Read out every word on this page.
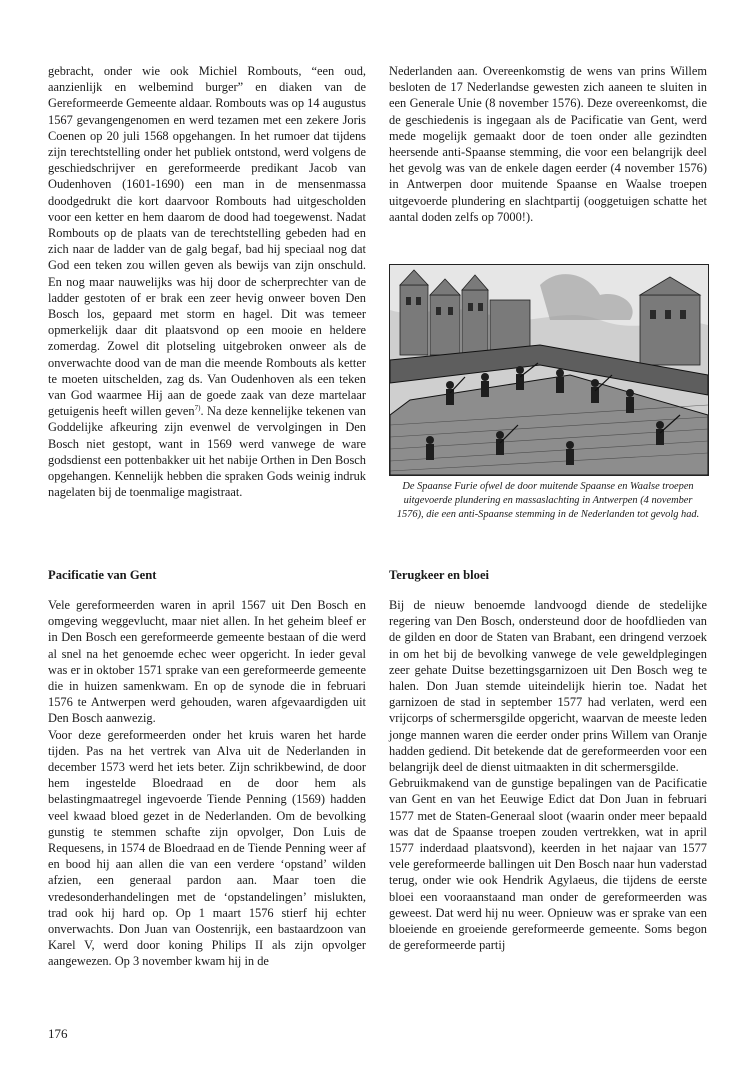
gebracht, onder wie ook Michiel Rombouts, “een oud, aanzienlijk en welbemind burger” en diaken van de Gereformeerde Gemeente aldaar. Rombouts was op 14 augustus 1567 gevangengenomen en werd tezamen met een zekere Joris Coenen op 20 juli 1568 opgehangen. In het rumoer dat tijdens zijn terechtstelling onder het publiek ontstond, werd volgens de geschiedschrijver en gereformeerde predikant Jacob van Oudenhoven (1601-1690) een man in de mensenmassa doodgedrukt die kort daarvoor Rombouts had uitgescholden voor een ketter en hem daarom de dood had toegewenst. Nadat Rombouts op de plaats van de terechtstelling gebeden had en zich naar de ladder van de galg begaf, bad hij speciaal nog dat God een teken zou willen geven als bewijs van zijn onschuld. En nog maar nauwelijks was hij door de scherprechter van de ladder gestoten of er brak een zeer hevig onweer boven Den Bosch los, gepaard met storm en hagel. Dit was temeer opmerkelijk daar dit plaatsvond op een mooie en heldere zomerdag. Zowel dit plotseling uitgebroken onweer als de onverwachte dood van de man die meende Rombouts als ketter te moeten uitschelden, zag ds. Van Oudenhoven als een teken van God waarmee Hij aan de goede zaak van deze martelaar getuigenis heeft willen geven$^{7)}$. Na deze kennelijke tekenen van Goddelijke afkeuring zijn evenwel de vervolgingen in Den Bosch niet gestopt, want in 1569 werd vanwege de ware godsdienst een pottenbakker uit het nabije Orthen in Den Bosch opgehangen. Kennelijk hebben die spraken Gods weinig indruk nagelaten bij de toenmalige magistraat.

Nederlanden aan. Overeenkomstig de wens van prins Willem besloten de 17 Nederlandse gewesten zich aaneen te sluiten in een Generale Unie (8 november 1576). Deze overeenkomst, die de geschiedenis is ingegaan als de Pacificatie van Gent, werd mede mogelijk gemaakt door de toen onder alle gezindten heersende anti-Spaanse stemming, die voor een belangrijk deel het gevolg was van de enkele dagen eerder (4 november 1576) in Antwerpen door muitende Spaanse en Waalse troepen uitgevoerde plundering en slachtpartij (ooggetuigen schatte het aantal doden zelfs op 7000!).

De Spaanse Furie ofwel de door muitende Spaanse en Waalse troepen uitgevoerde plundering en massaslachting in Antwerpen (4 november 1576), die een anti-Spaanse stemming in de Nederlanden tot gevolg had.
Pacificatie van Gent	Terugkeer en bloei

Vele gereformeerden waren in april 1567 uit Den Bosch en omgeving weggevlucht, maar niet allen. In het geheim bleef er in Den Bosch een gereformeerde gemeente bestaan of die werd al snel na het genoemde echec weer opgericht. In ieder geval was er in oktober 1571 sprake van een gereformeerde gemeente die in huizen samenkwam. En op de synode die in februari 1576 te Antwerpen werd gehouden, waren afgevaardigden uit Den Bosch aanwezig.

Voor deze gereformeerden onder het kruis waren het harde tijden. Pas na het vertrek van Alva uit de Nederlanden in december 1573 werd het iets beter. Zijn schrikbewind, de door hem ingestelde Bloedraad en de door hem als belastingmaatregel ingevoerde Tiende Penning (1569) hadden veel kwaad bloed gezet in de Nederlanden. Om de bevolking gunstig te stemmen schafte zijn opvolger, Don Luis de Requesens, in 1574 de Bloedraad en de Tiende Penning weer af en bood hij aan allen die van een verdere ‘opstand’ wilden afzien, een generaal pardon aan. Maar toen die vredesonderhandelingen met de ‘opstandelingen’ mislukten, trad ook hij hard op. Op 1 maart 1576 stierf hij echter onverwachts. Don Juan van Oostenrijk, een bastaardzoon van Karel V, werd door koning Philips II als zijn opvolger aangewezen. Op 3 november kwam hij in de

Bij de nieuw benoemde landvoogd diende de stedelijke regering van Den Bosch, ondersteund door de hoofdlieden van de gilden en door de Staten van Brabant, een dringend verzoek in om het bij de bevolking vanwege de vele geweldplegingen zeer gehate Duitse bezettingsgarnizoen uit Den Bosch weg te halen. Don Juan stemde uiteindelijk hierin toe. Nadat het garnizoen de stad in september 1577 had verlaten, werd een vrijcorps of schermersgilde opgericht, waarvan de meeste leden jonge mannen waren die eerder onder prins Willem van Oranje hadden gediend. Dit betekende dat de gereformeerden voor een belangrijk deel de dienst uitmaakten in dit schermersgilde.

Gebruikmakend van de gunstige bepalingen van de Pacificatie van Gent en van het Eeuwige Edict dat Don Juan in februari 1577 met de Staten-Generaal sloot (waarin onder meer bepaald was dat de Spaanse troepen zouden vertrekken, wat in april 1577 inderdaad plaatsvond), keerden in het najaar van 1577 vele gereformeerde ballingen uit Den Bosch naar hun vaderstad terug, onder wie ook Hendrik Agylaeus, die tijdens de eerste bloei een vooraanstaand man onder de gereformeerden was geweest. Dat werd hij nu weer. Opnieuw was er sprake van een bloeiende en groeiende gereformeerde gemeente. Soms begon de gereformeerde partij

176
